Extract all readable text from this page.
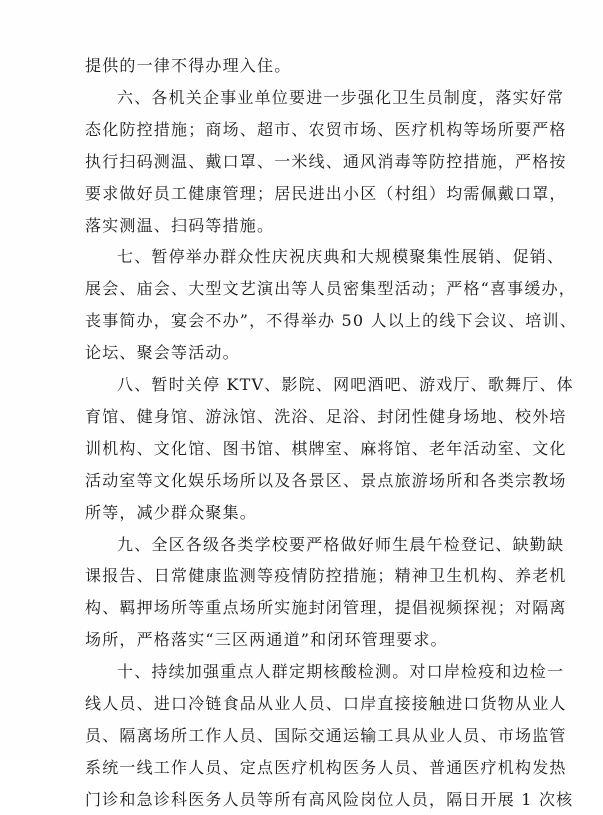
提供的一律不得办理入住。
六、各机关企事业单位要进一步强化卫生员制度，落实好常
态化防控措施；商场、超市、农贸市场、医疗机构等场所要严格
执行扫码测温、戴口罩、一米线、通风消毒等防控措施，严格按
要求做好员工健康管理；居民进出小区（村组）均需佩戴口罩，
落实测温、扫码等措施。
七、暂停举办群众性庆祝庆典和大规模聚集性展销、促销、
展会、庙会、大型文艺演出等人员密集型活动；严格“喜事缓办，
丧事简办，宴会不办”，不得举办 50 人以上的线下会议、培训、
论坛、聚会等活动。
八、暂时关停 KTV、影院、网吧酒吧、游戏厅、歌舞厅、体
育馆、健身馆、游泳馆、洗浴、足浴、封闭性健身场地、校外培
训机构、文化馆、图书馆、棋牌室、麻将馆、老年活动室、文化
活动室等文化娱乐场所以及各景区、景点旅游场所和各类宗教场
所等，减少群众聚集。
九、全区各级各类学校要严格做好师生晨午检登记、缺勤缺
课报告、日常健康监测等疫情防控措施；精神卫生机构、养老机
构、羁押场所等重点场所实施封闭管理，提倡视频探视；对隔离
场所，严格落实“三区两通道”和闭环管理要求。
十、持续加强重点人群定期核酸检测。对口岸检疫和边检一
线人员、进口冷链食品从业人员、口岸直接接触进口货物从业人
员、隔离场所工作人员、国际交通运输工具从业人员、市场监管
系统一线工作人员、定点医疗机构医务人员、普通医疗机构发热
门诊和急诊科医务人员等所有高风险岗位人员，隔日开展 1 次核
